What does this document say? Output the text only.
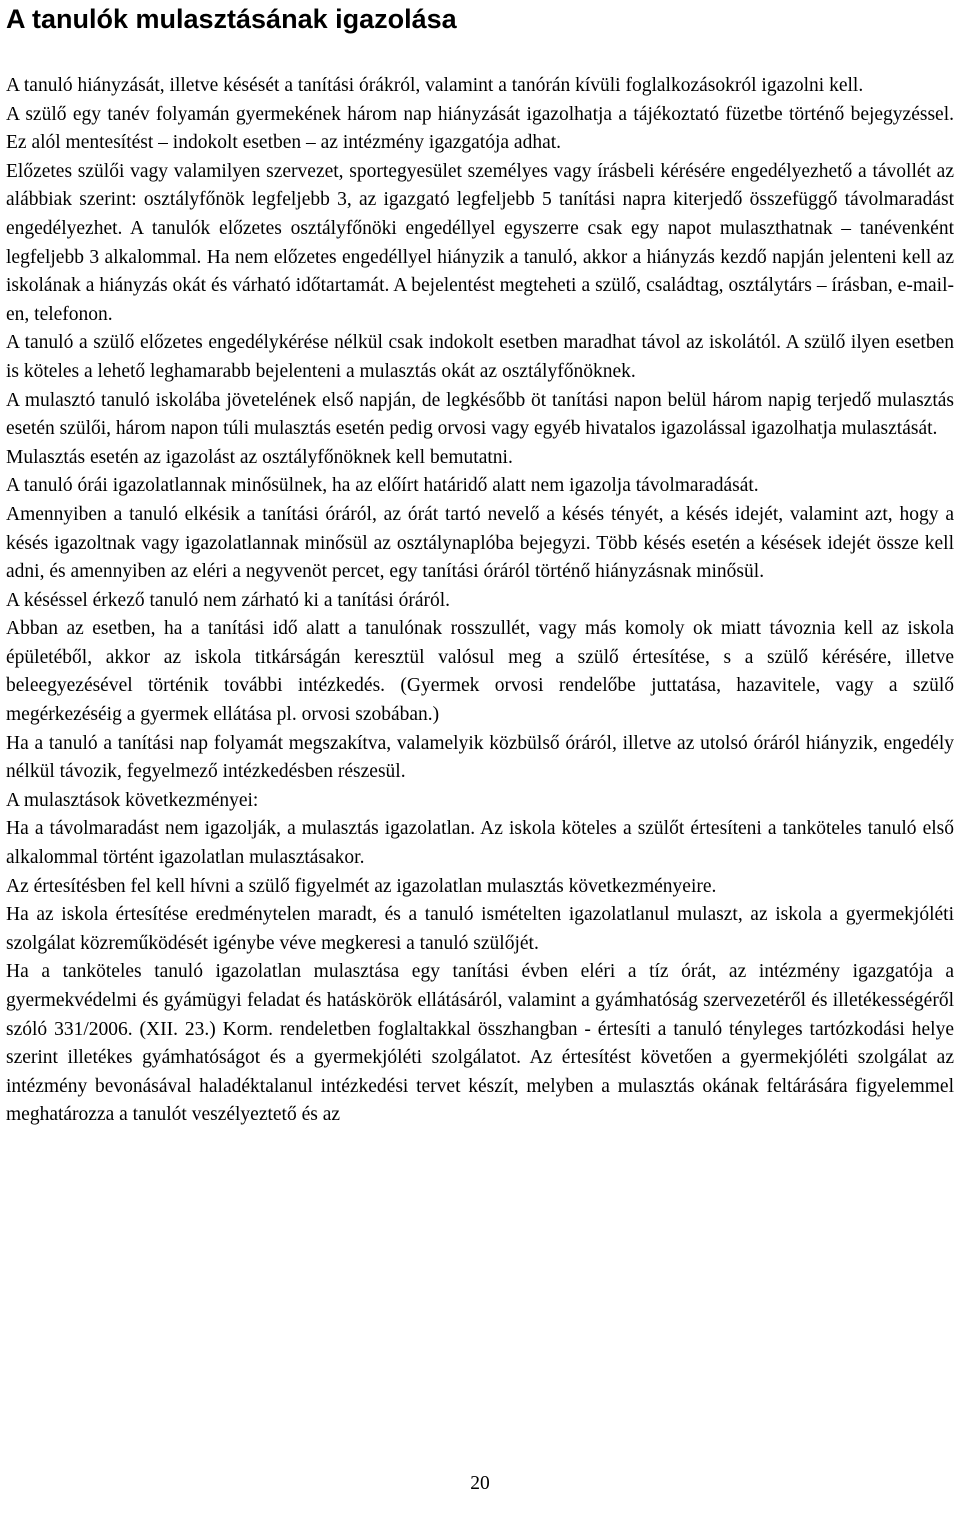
A tanulók mulasztásának igazolása

A tanuló hiányzását, illetve késését a tanítási órákról, valamint a tanórán kívüli foglalkozásokról igazolni kell.

A szülő egy tanév folyamán gyermekének három nap hiányzását igazolhatja a tájékoztató füzetbe történő bejegyzéssel. Ez alól mentesítést – indokolt esetben – az intézmény igazgatója adhat.

Előzetes szülői vagy valamilyen szervezet, sportegyesület személyes vagy írásbeli kérésére engedélyezhető a távollét az alábbiak szerint: osztályfőnök legfeljebb 3, az igazgató legfeljebb 5 tanítási napra kiterjedő összefüggő távolmaradást engedélyezhet. A tanulók előzetes osztályfőnöki engedéllyel egyszerre csak egy napot mulaszthatnak – tanévenként legfeljebb 3 alkalommal. Ha nem előzetes engedéllyel hiányzik a tanuló, akkor a hiányzás kezdő napján jelenteni kell az iskolának a hiányzás okát és várható időtartamát. A bejelentést megteheti a szülő, családtag, osztálytárs – írásban, e-mail-en, telefonon.

A tanuló a szülő előzetes engedélykérése nélkül csak indokolt esetben maradhat távol az iskolától. A szülő ilyen esetben is köteles a lehető leghamarabb bejelenteni a mulasztás okát az osztályfőnöknek.

A mulasztó tanuló iskolába jövetelének első napján, de legkésőbb öt tanítási napon belül három napig terjedő mulasztás esetén szülői, három napon túli mulasztás esetén pedig orvosi vagy egyéb hivatalos igazolással igazolhatja mulasztását.

Mulasztás esetén az igazolást az osztályfőnöknek kell bemutatni.

A tanuló órái igazolatlannak minősülnek, ha az előírt határidő alatt nem igazolja távolmaradását.

Amennyiben a tanuló elkésik a tanítási óráról, az órát tartó nevelő a késés tényét, a késés idejét, valamint azt, hogy a késés igazoltnak vagy igazolatlannak minősül az osztálynaplóba bejegyzi. Több késés esetén a késések idejét össze kell adni, és amennyiben az eléri a negyvenöt percet, egy tanítási óráról történő hiányzásnak minősül.

A késéssel érkező tanuló nem zárható ki a tanítási óráról.

Abban az esetben, ha a tanítási idő alatt a tanulónak rosszullét, vagy más komoly ok miatt távoznia kell az iskola épületéből, akkor az iskola titkárságán keresztül valósul meg a szülő értesítése, s a szülő kérésére, illetve beleegyezésével történik további intézkedés. (Gyermek orvosi rendelőbe juttatása, hazavitele, vagy a szülő megérkezéséig a gyermek ellátása pl. orvosi szobában.)

Ha a tanuló a tanítási nap folyamát megszakítva, valamelyik közbülső óráról, illetve az utolsó óráról hiányzik, engedély nélkül távozik, fegyelmező intézkedésben részesül.

A mulasztások következményei:

Ha a távolmaradást nem igazolják, a mulasztás igazolatlan. Az iskola köteles a szülőt értesíteni a tanköteles tanuló első alkalommal történt igazolatlan mulasztásakor.

Az értesítésben fel kell hívni a szülő figyelmét az igazolatlan mulasztás következményeire.

Ha az iskola értesítése eredménytelen maradt, és a tanuló ismételten igazolatlanul mulaszt, az iskola a gyermekjóléti szolgálat közreműködését igénybe véve megkeresi a tanuló szülőjét.

Ha a tanköteles tanuló igazolatlan mulasztása egy tanítási évben eléri a tíz órát, az intézmény igazgatója a gyermekvédelmi és gyámügyi feladat és hatáskörök ellátásáról, valamint a gyámhatóság szervezetéről és illetékességéről szóló 331/2006. (XII. 23.) Korm. rendeletben foglaltakkal összhangban - értesíti a tanuló tényleges tartózkodási helye szerint illetékes gyámhatóságot és a gyermekjóléti szolgálatot. Az értesítést követően a gyermekjóléti szolgálat az intézmény bevonásával haladéktalanul intézkedési tervet készít, melyben a mulasztás okának feltárására figyelemmel meghatározza a tanulót veszélyeztető és az

20
